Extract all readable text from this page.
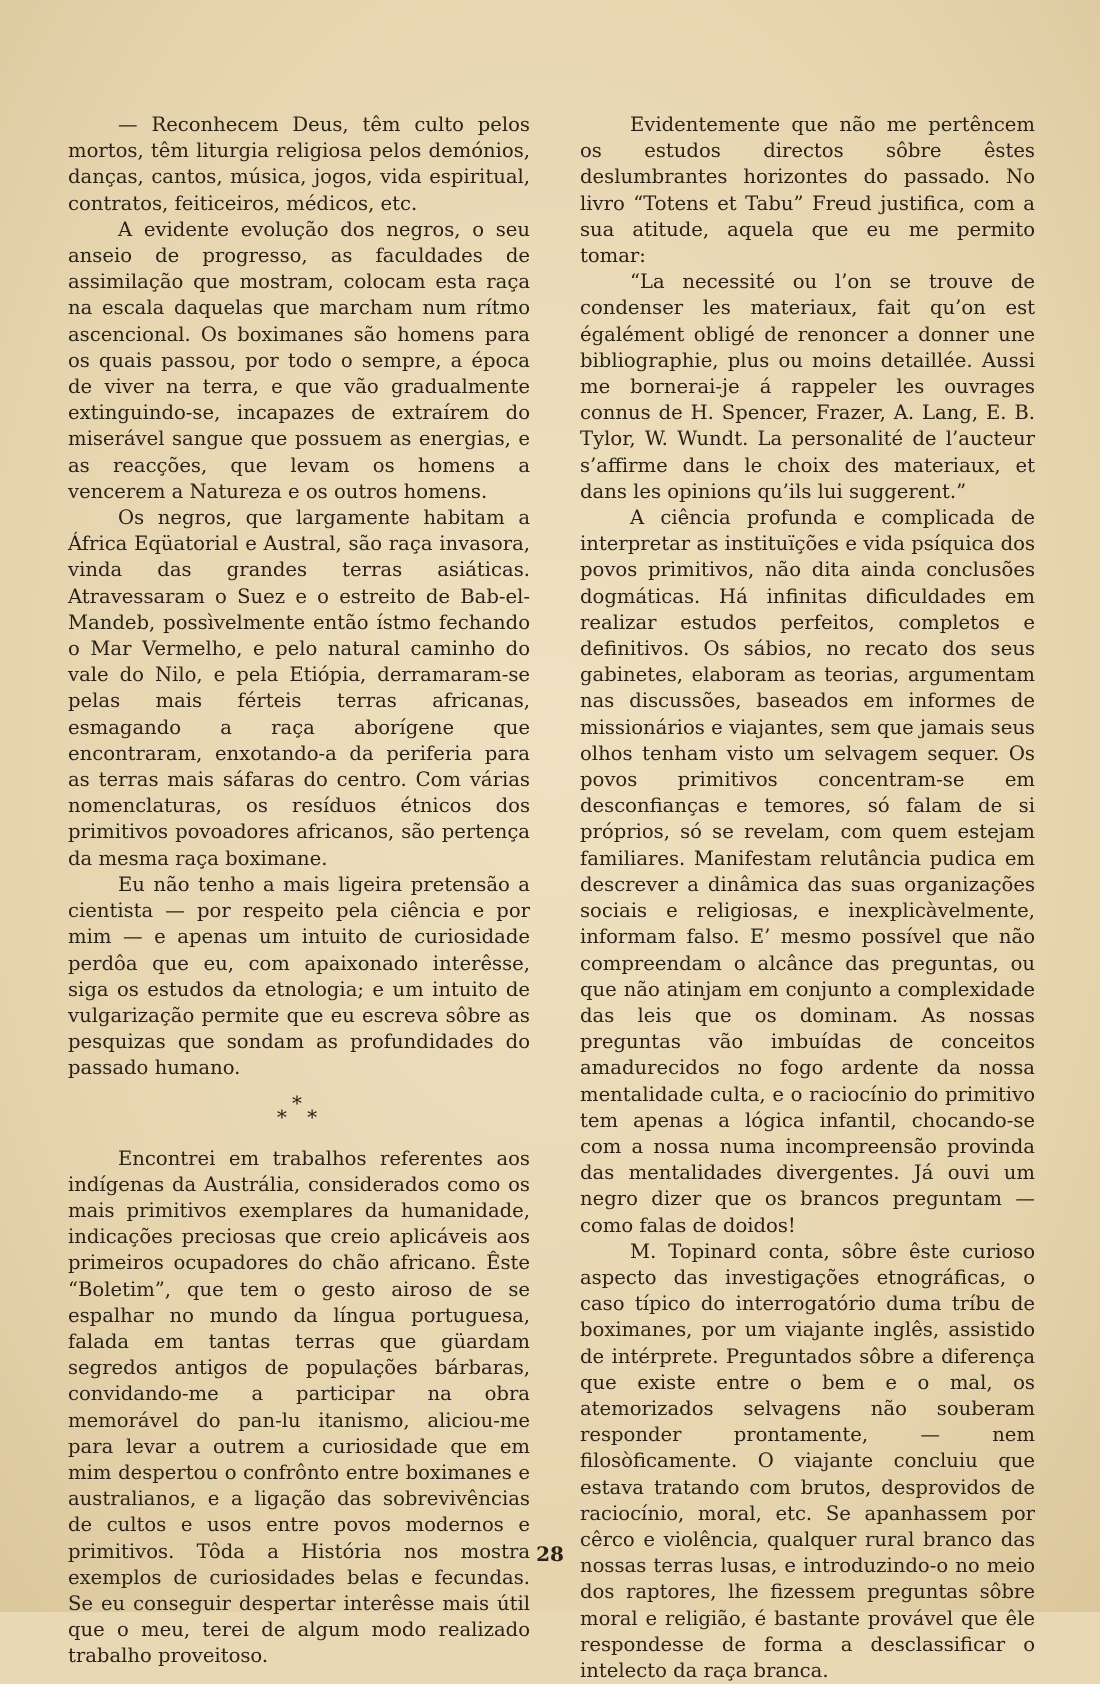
— Reconhecem Deus, têm culto pelos mortos, têm liturgia religiosa pelos demónios, danças, cantos, música, jogos, vida espiritual, contratos, feiticeiros, médicos, etc.

A evidente evolução dos negros, o seu anseio de progresso, as faculdades de assimilação que mostram, colocam esta raça na escala daquelas que marcham num rítmo ascencional. Os boximanes são homens para os quais passou, por todo o sempre, a época de viver na terra, e que vão gradualmente extinguindo-se, incapazes de extraírem do miserável sangue que possuem as energias, e as reacções, que levam os homens a vencerem a Natureza e os outros homens.

Os negros, que largamente habitam a África Eqüatorial e Austral, são raça invasora, vinda das grandes terras asiáticas. Atravessaram o Suez e o estreito de Bab-el-Mandeb, possìvelmente então ístmo fechando o Mar Vermelho, e pelo natural caminho do vale do Nilo, e pela Etiópia, derramaram-se pelas mais férteis terras africanas, esmagando a raça aborígene que encontraram, enxotando-a da periferia para as terras mais sáfaras do centro. Com várias nomenclaturas, os resíduos étnicos dos primitivos povoadores africanos, são pertença da mesma raça boximane.

Eu não tenho a mais ligeira pretensão a cientista — por respeito pela ciência e por mim — e apenas um intuito de curiosidade perdôa que eu, com apaixonado interêsse, siga os estudos da etnologia; e um intuito de vulgarização permite que eu escreva sôbre as pesquizas que sondam as profundidades do passado humano.

*
* *

Encontrei em trabalhos referentes aos indígenas da Austrália, considerados como os mais primitivos exemplares da humanidade, indicações preciosas que creio aplicáveis aos primeiros ocupadores do chão africano. Êste “Boletim”, que tem o gesto airoso de se espalhar no mundo da língua portuguesa, falada em tantas terras que güardam segredos antigos de populações bárbaras, convidando-me a participar na obra memorável do pan-lu itanismo, aliciou-me para levar a outrem a curiosidade que em mim despertou o confrônto entre boximanes e australianos, e a ligação das sobrevivências de cultos e usos entre povos modernos e primitivos. Tôda a História nos mostra exemplos de curiosidades belas e fecundas. Se eu conseguir despertar interêsse mais útil que o meu, terei de algum modo realizado trabalho proveitoso.

Evidentemente que não me pertêncem os estudos directos sôbre êstes deslumbrantes horizontes do passado. No livro “Totens et Tabu” Freud justifica, com a sua atitude, aquela que eu me permito tomar:

“La necessité ou l’on se trouve de condenser les materiaux, fait qu’on est égalément obligé de renoncer a donner une bibliographie, plus ou moins detaillée. Aussi me bornerai-je á rappeler les ouvrages connus de H. Spencer, Frazer, A. Lang, E. B. Tylor, W. Wundt. La personalité de l’aucteur s’affirme dans le choix des materiaux, et dans les opinions qu’ils lui suggerent.”

A ciência profunda e complicada de interpretar as instituïções e vida psíquica dos povos primitivos, não dita ainda conclusões dogmáticas. Há infinitas dificuldades em realizar estudos perfeitos, completos e definitivos. Os sábios, no recato dos seus gabinetes, elaboram as teorias, argumentam nas discussões, baseados em informes de missionários e viajantes, sem que jamais seus olhos tenham visto um selvagem sequer. Os povos primitivos concentram-se em desconfianças e temores, só falam de si próprios, só se revelam, com quem estejam familiares. Manifestam relutância pudica em descrever a dinâmica das suas organizações sociais e religiosas, e inexplicàvelmente, informam falso. E’ mesmo possível que não compreendam o alcânce das preguntas, ou que não atinjam em conjunto a complexidade das leis que os dominam. As nossas preguntas vão imbuídas de conceitos amadurecidos no fogo ardente da nossa mentalidade culta, e o raciocínio do primitivo tem apenas a lógica infantil, chocando-se com a nossa numa incompreensão provinda das mentalidades divergentes. Já ouvi um negro dizer que os brancos preguntam — como falas de doidos!

M. Topinard conta, sôbre êste curioso aspecto das investigações etnográficas, o caso típico do interrogatório duma tríbu de boximanes, por um viajante inglês, assistido de intérprete. Preguntados sôbre a diferença que existe entre o bem e o mal, os atemorizados selvagens não souberam responder prontamente, — nem filosòficamente. O viajante concluiu que estava tratando com brutos, desprovidos de raciocínio, moral, etc. Se apanhassem por cêrco e violência, qualquer rural branco das nossas terras lusas, e introduzindo-o no meio dos raptores, lhe fizessem preguntas sôbre moral e religião, é bastante provável que êle respondesse de forma a desclassificar o intelecto da raça branca.

28
